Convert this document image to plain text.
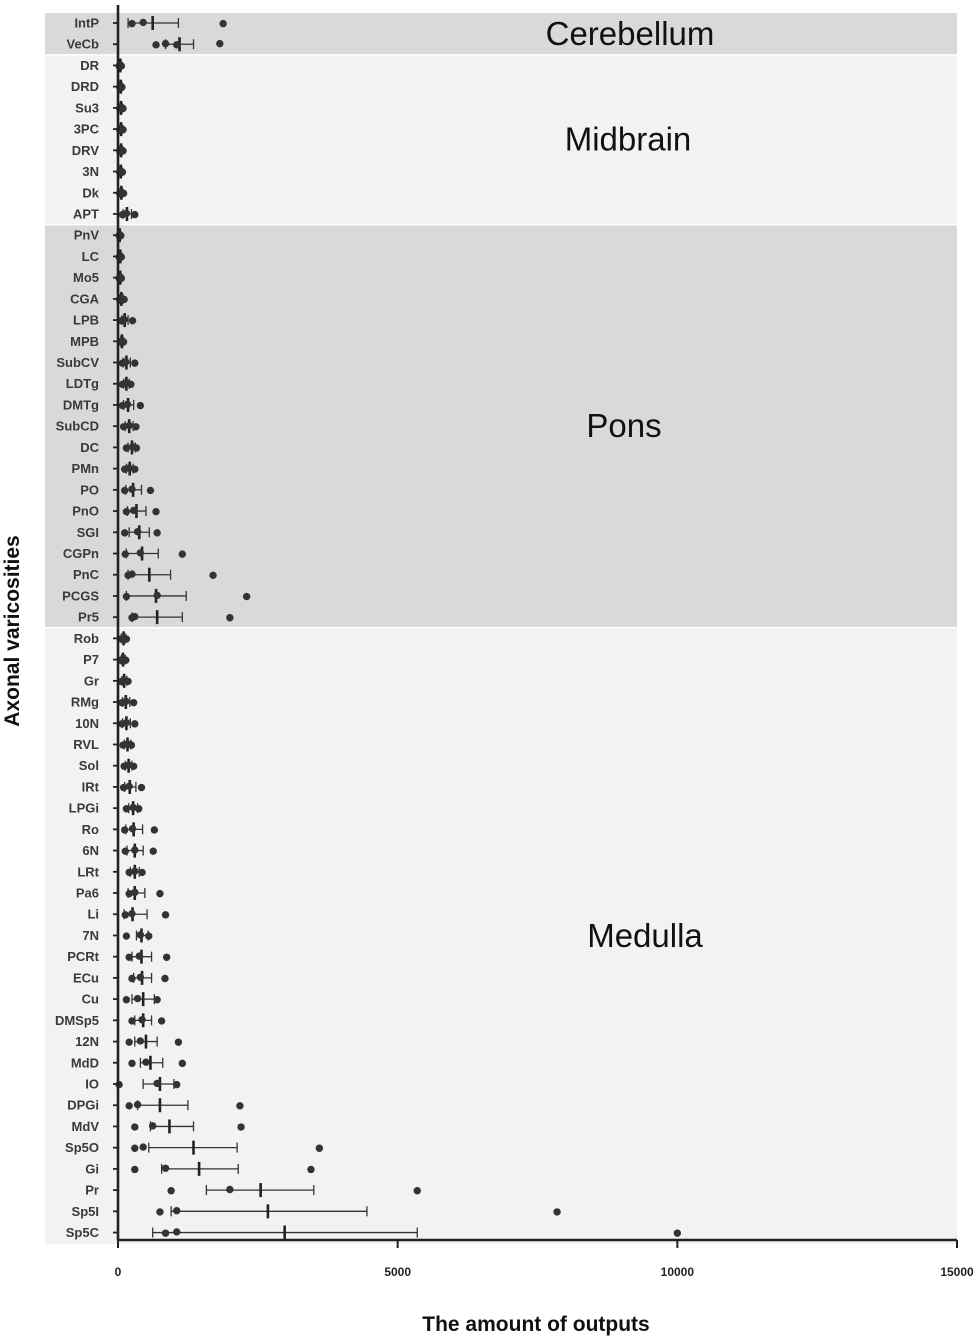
Cerebellum
Midbrain
Pons
Medulla
IntP
VeCb
DR
DRD
Su3
3PC
DRV
3N
Dk
APT
PnV
LC
Mo5
CGA
LPB
MPB
SubCV
LDTg
DMTg
SubCD
DC
PMn
PO
PnO
SGI
CGPn
PnC
PCGS
Pr5
Rob
P7
Gr
RMg
10N
RVL
Sol
IRt
LPGi
Ro
6N
LRt
Pa6
Li
7N
PCRt
ECu
Cu
DMSp5
12N
MdD
IO
DPGi
MdV
Sp5O
Gi
Pr
Sp5I
Sp5C
0	5000	10000	15000
The amount of outputs
Axonal varicosities
